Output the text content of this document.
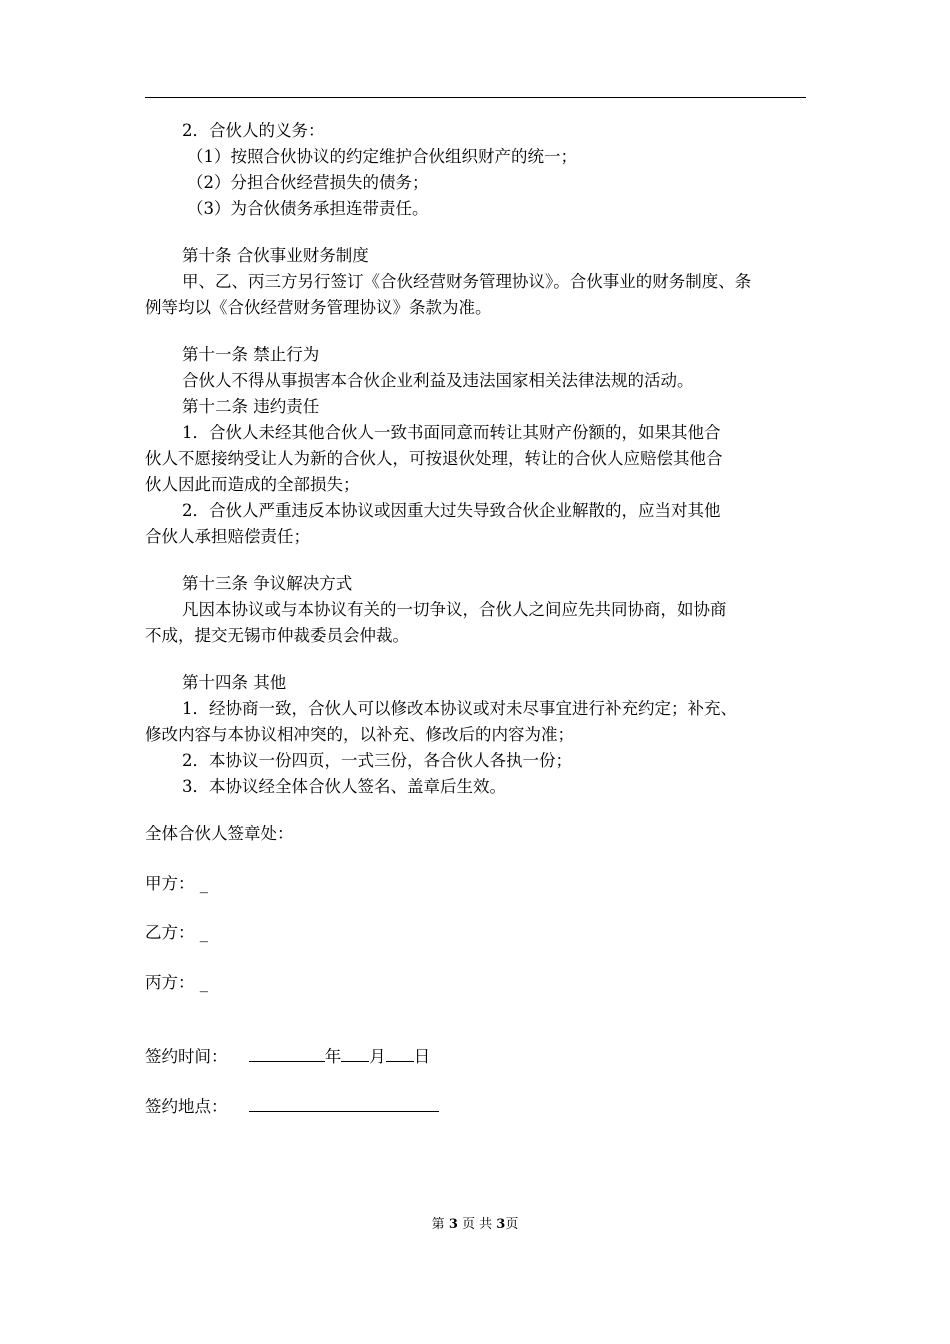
2．合伙人的义务：
（1）按照合伙协议的约定维护合伙组织财产的统一；
（2）分担合伙经营损失的债务；
（3）为合伙债务承担连带责任。
第十条 合伙事业财务制度
甲、乙、丙三方另行签订《合伙经营财务管理协议》。合伙事业的财务制度、条
例等均以《合伙经营财务管理协议》条款为准。
第十一条 禁止行为
合伙人不得从事损害本合伙企业利益及违法国家相关法律法规的活动。
第十二条 违约责任
1．合伙人未经其他合伙人一致书面同意而转让其财产份额的，如果其他合
伙人不愿接纳受让人为新的合伙人，可按退伙处理，转让的合伙人应赔偿其他合
伙人因此而造成的全部损失；
2．合伙人严重违反本协议或因重大过失导致合伙企业解散的，应当对其他
合伙人承担赔偿责任；
第十三条 争议解决方式
凡因本协议或与本协议有关的一切争议，合伙人之间应先共同协商，如协商
不成，提交无锡市仲裁委员会仲裁。
第十四条 其他
1．经协商一致，合伙人可以修改本协议或对未尽事宜进行补充约定；补充、
修改内容与本协议相冲突的，以补充、修改后的内容为准；
2．本协议一份四页，一式三份，各合伙人各执一份；
3．本协议经全体合伙人签名、盖章后生效。
全体合伙人签章处：
甲方： _
乙方： _
丙方： _
签约时间：	年 月 日
签约地点：
第 3 页 共 3页
